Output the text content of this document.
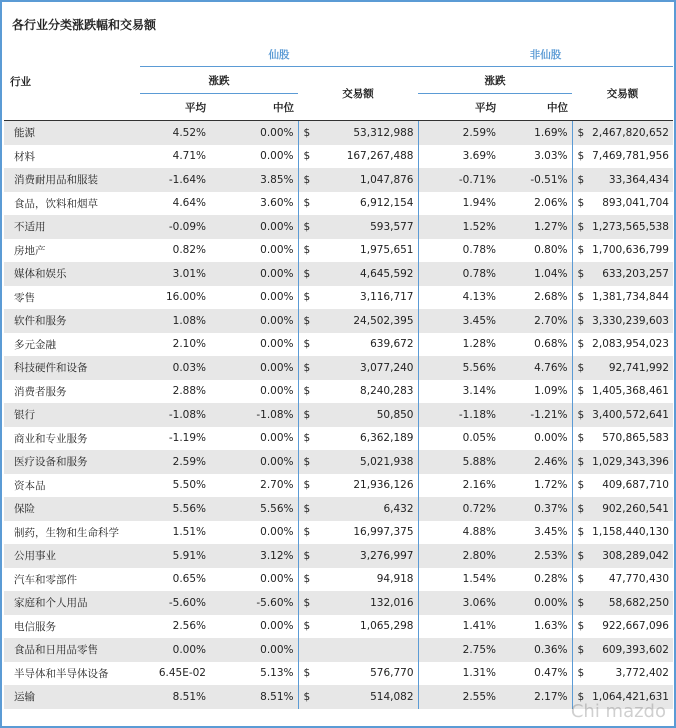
各行业分类涨跌幅和交易额
行业	仙股				非仙股			
	涨跌		交易额		涨跌		交易额	
	平均	中位			平均	中位		
能源	4.52%	0.00%	$	53,312,988	2.59%	1.69%	$	2,467,820,652
材料	4.71%	0.00%	$	167,267,488	3.69%	3.03%	$	7,469,781,956
消费耐用品和服装	-1.64%	3.85%	$	1,047,876	-0.71%	-0.51%	$	33,364,434
食品，饮料和烟草	4.64%	3.60%	$	6,912,154	1.94%	2.06%	$	893,041,704
不适用	-0.09%	0.00%	$	593,577	1.52%	1.27%	$	1,273,565,538
房地产	0.82%	0.00%	$	1,975,651	0.78%	0.80%	$	1,700,636,799
媒体和娱乐	3.01%	0.00%	$	4,645,592	0.78%	1.04%	$	633,203,257
零售	16.00%	0.00%	$	3,116,717	4.13%	2.68%	$	1,381,734,844
软件和服务	1.08%	0.00%	$	24,502,395	3.45%	2.70%	$	3,330,239,603
多元金融	2.10%	0.00%	$	639,672	1.28%	0.68%	$	2,083,954,023
科技硬件和设备	0.03%	0.00%	$	3,077,240	5.56%	4.76%	$	92,741,992
消费者服务	2.88%	0.00%	$	8,240,283	3.14%	1.09%	$	1,405,368,461
银行	-1.08%	-1.08%	$	50,850	-1.18%	-1.21%	$	3,400,572,641
商业和专业服务	-1.19%	0.00%	$	6,362,189	0.05%	0.00%	$	570,865,583
医疗设备和服务	2.59%	0.00%	$	5,021,938	5.88%	2.46%	$	1,029,343,396
资本品	5.50%	2.70%	$	21,936,126	2.16%	1.72%	$	409,687,710
保险	5.56%	5.56%	$	6,432	0.72%	0.37%	$	902,260,541
制药，生物和生命科学	1.51%	0.00%	$	16,997,375	4.88%	3.45%	$	1,158,440,130
公用事业	5.91%	3.12%	$	3,276,997	2.80%	2.53%	$	308,289,042
汽车和零部件	0.65%	0.00%	$	94,918	1.54%	0.28%	$	47,770,430
家庭和个人用品	-5.60%	-5.60%	$	132,016	3.06%	0.00%	$	58,682,250
电信服务	2.56%	0.00%	$	1,065,298	1.41%	1.63%	$	922,667,096
食品和日用品零售	0.00%	0.00%			2.75%	0.36%	$	609,393,602
半导体和半导体设备	6.45E-02	5.13%	$	576,770	1.31%	0.47%	$	3,772,402
运输	8.51%	8.51%	$	514,082	2.55%	2.17%	$	1,064,421,631
Chi mazdo
